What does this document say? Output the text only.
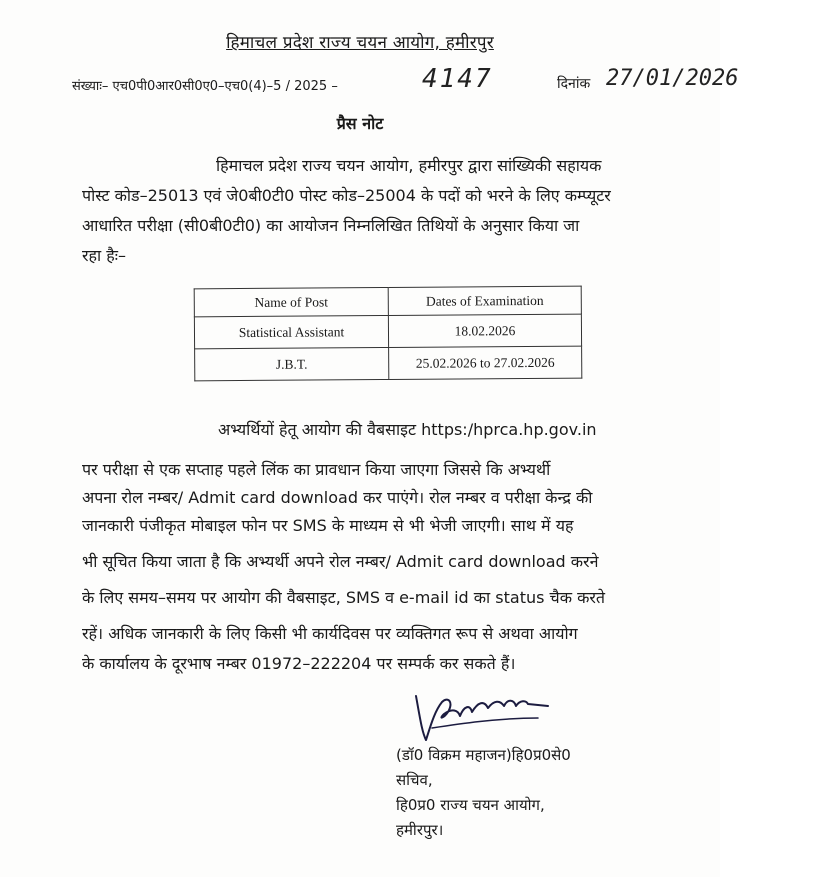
हिमाचल प्रदेश राज्य चयन आयोग, हमीरपुर
संख्याः– एच0पी0आर0सी0ए0–एच0(4)–5 / 2025 –	4147	दिनांक 27/01/2026
प्रैस नोट
हिमाचल प्रदेश राज्य चयन आयोग, हमीरपुर द्वारा सांख्यिकी सहायक
पोस्ट कोड–25013 एवं जे0बी0टी0 पोस्ट कोड–25004 के पदों को भरने के लिए कम्प्यूटर
आधारित परीक्षा (सी0बी0टी0) का आयोजन निम्नलिखित तिथियों के अनुसार किया जा
रहा हैः–
Name of Post	Dates of Examination
Statistical Assistant	18.02.2026
J.B.T.	25.02.2026 to 27.02.2026
अभ्यर्थियों हेतू आयोग की वैबसाइट https:/hprca.hp.gov.in
पर परीक्षा से एक सप्ताह पहले लिंक का प्रावधान किया जाएगा जिससे कि अभ्यर्थी
अपना रोल नम्बर/ Admit card download कर पाएंगे। रोल नम्बर व परीक्षा केन्द्र की
जानकारी पंजीकृत मोबाइल फोन पर SMS के माध्यम से भी भेजी जाएगी। साथ में यह
भी सूचित किया जाता है कि अभ्यर्थी अपने रोल नम्बर/ Admit card download करने
के लिए समय–समय पर आयोग की वैबसाइट, SMS व e-mail id का status चैक करते
रहें। अधिक जानकारी के लिए किसी भी कार्यदिवस पर व्यक्तिगत रूप से अथवा आयोग
के कार्यालय के दूरभाष नम्बर 01972–222204 पर सम्पर्क कर सकते हैं।
(डॉ0 विक्रम महाजन)हि0प्र0से0
सचिव,
हि0प्र0 राज्य चयन आयोग,
हमीरपुर।
